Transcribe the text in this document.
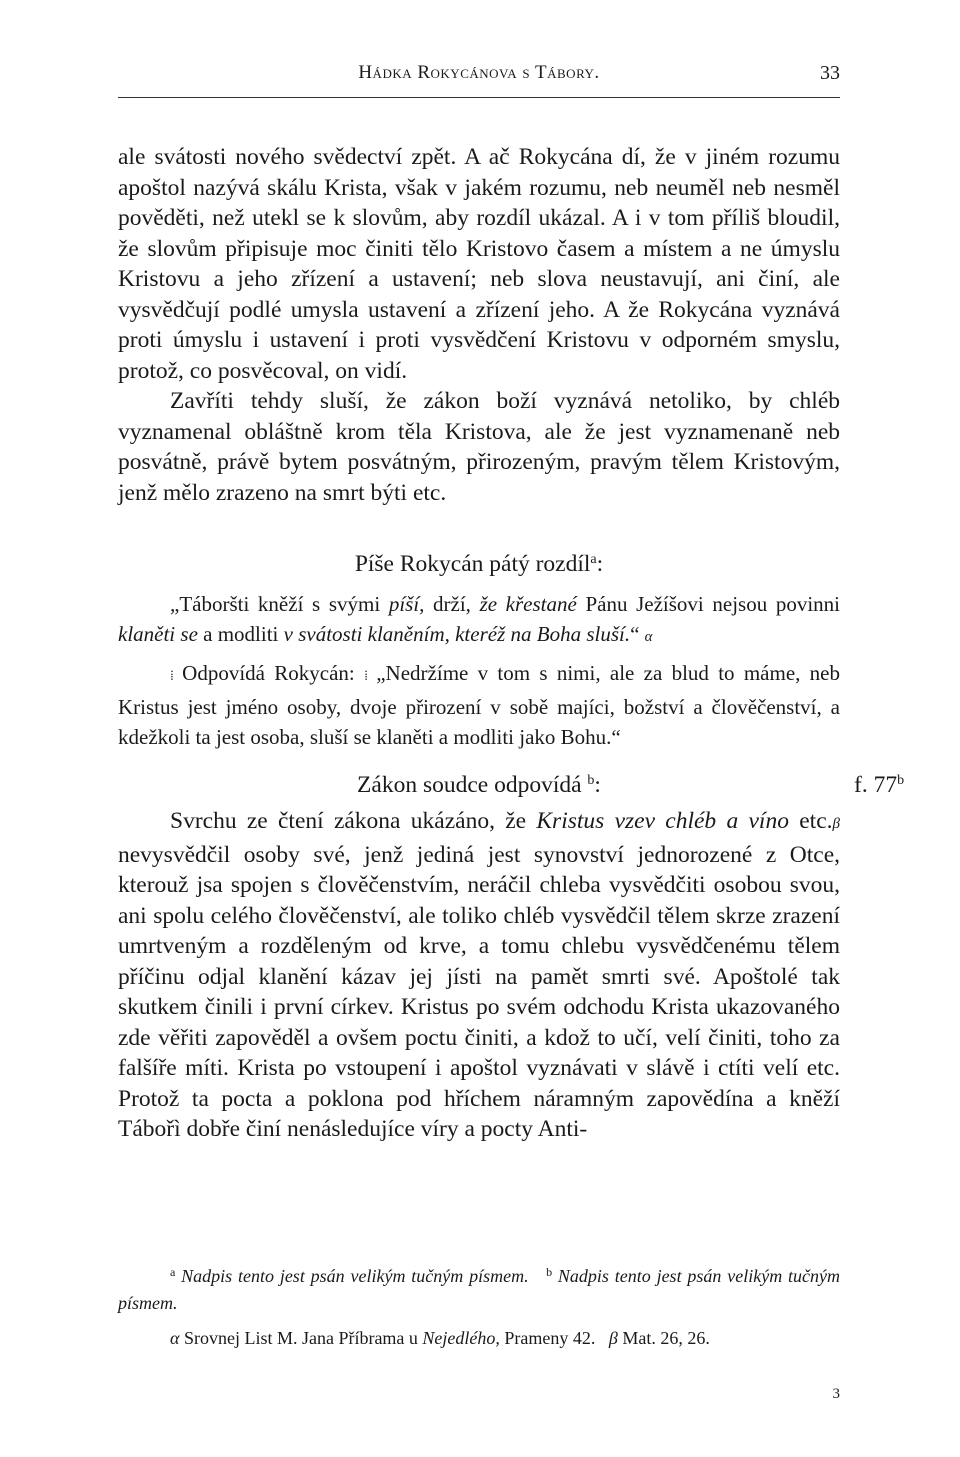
Hádka Rokycánova s Tábory.	33

ale svátosti nového svědectví zpět. A ač Rokycána dí, že v jiném rozumu apoštol nazývá skálu Krista, však v jakém rozumu, neb neuměl neb nesměl pověděti, než utekl se k slovům, aby rozdíl ukázal. A i v tom příliš bloudil, že slovům připisuje moc činiti tělo Kristovo časem a místem a ne úmyslu Kristovu a jeho zřízení a ustavení; neb slova neustavují, ani činí, ale vysvědčují podlé umysla ustavení a zřízení jeho. A že Rokycána vyznává proti úmyslu i ustavení i proti vysvědčení Kristovu v odporném smyslu, protož, co posvěcoval, on vidí.

Zavříti tehdy sluší, že zákon boží vyznává netoliko, by chléb vyznamenal obláštně krom těla Kristova, ale že jest vyznamenaně neb posvátně, právě bytem posvátným, přirozeným, pravým tělem Kristovým, jenž mělo zrazeno na smrt býti etc.

Píše Rokycán pátý rozdíl$^a$:

„Táboršti kněží s svými píší, drží, že křestané Pánu Ježíšovi nejsou povinni klaněti se a modliti v svátosti klaněním, kteréž na Boha sluší.“ α

⁞ Odpovídá Rokycán: ⁞ „Nedržíme v tom s nimi, ale za blud to máme, neb Kristus jest jméno osoby, dvoje přirození v sobě majíci, božství a člověčenství, a kdežkoli ta jest osoba, sluší se klaněti a modliti jako Bohu.“

Zákon soudce odpovídá $^b$:	f. 77$^b$

Svrchu ze čtení zákona ukázáno, že Kristus vzev chléb a víno etc.β nevysvědčil osoby své, jenž jediná jest synovství jednorozené z Otce, kterouž jsa spojen s člověčenstvím, neráčil chleba vysvědčiti osobou svou, ani spolu celého člověčenství, ale toliko chléb vysvědčil tělem skrze zrazení umrtveným a rozděleným od krve, a tomu chlebu vysvědčenému tělem příčinu odjal klanění kázav jej jísti na pamět smrti své. Apoštolé tak skutkem činili i první církev. Kristus po svém odchodu Krista ukazovaného zde věřiti zapověděl a ovšem poctu činiti, a kdož to učí, velí činiti, toho za falšíře míti. Krista po vstoupení i apoštol vyznávati v slávě i ctíti velí etc. Protož ta pocta a poklona pod hříchem náramným zapovědína a kněží Tábořì dobře činí nenásledujíce víry a pocty Anti-

$^a$ Nadpis tento jest psán velikým tučným písmem. $^b$ Nadpis tento jest psán velikým tučným písmem.

α Srovnej List M. Jana Příbrama u Nejedlého, Prameny 42. β Mat. 26, 26.

3
